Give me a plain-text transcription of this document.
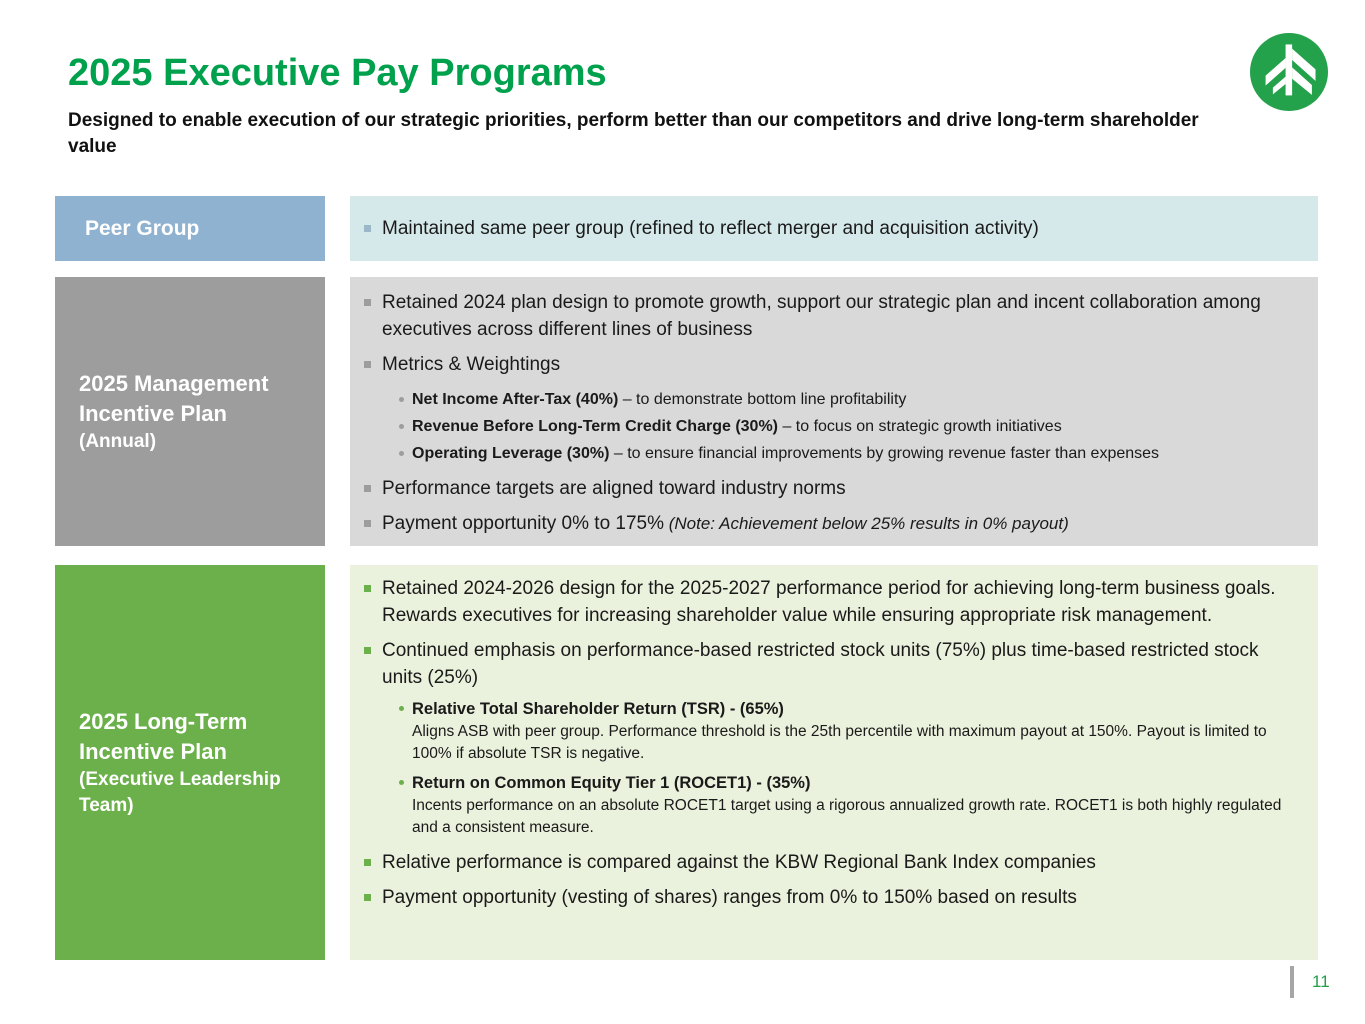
2025 Executive Pay Programs

Designed to enable execution of our strategic priorities, perform better than our competitors and drive long-term shareholder value

Peer Group	Maintained same peer group (refined to reflect merger and acquisition activity)
2025 Management Incentive Plan
(Annual)
Retained 2024 plan design to promote growth, support our strategic plan and incent collaboration among executives across different lines of business
Metrics & Weightings
Net Income After-Tax (40%) – to demonstrate bottom line profitability
Revenue Before Long-Term Credit Charge (30%) – to focus on strategic growth initiatives
Operating Leverage (30%) – to ensure financial improvements by growing revenue faster than expenses
Performance targets are aligned toward industry norms
Payment opportunity 0% to 175% (Note: Achievement below 25% results in 0% payout)
2025 Long-Term Incentive Plan
(Executive Leadership Team)
Retained 2024-2026 design for the 2025-2027 performance period for achieving long-term business goals. Rewards executives for increasing shareholder value while ensuring appropriate risk management.
Continued emphasis on performance-based restricted stock units (75%) plus time-based restricted stock units (25%)
Relative Total Shareholder Return (TSR) - (65%)
Aligns ASB with peer group. Performance threshold is the 25th percentile with maximum payout at 150%. Payout is limited to 100% if absolute TSR is negative.
Return on Common Equity Tier 1 (ROCET1) - (35%)
Incents performance on an absolute ROCET1 target using a rigorous annualized growth rate. ROCET1 is both highly regulated and a consistent measure.
Relative performance is compared against the KBW Regional Bank Index companies
Payment opportunity (vesting of shares) ranges from 0% to 150% based on results
11
